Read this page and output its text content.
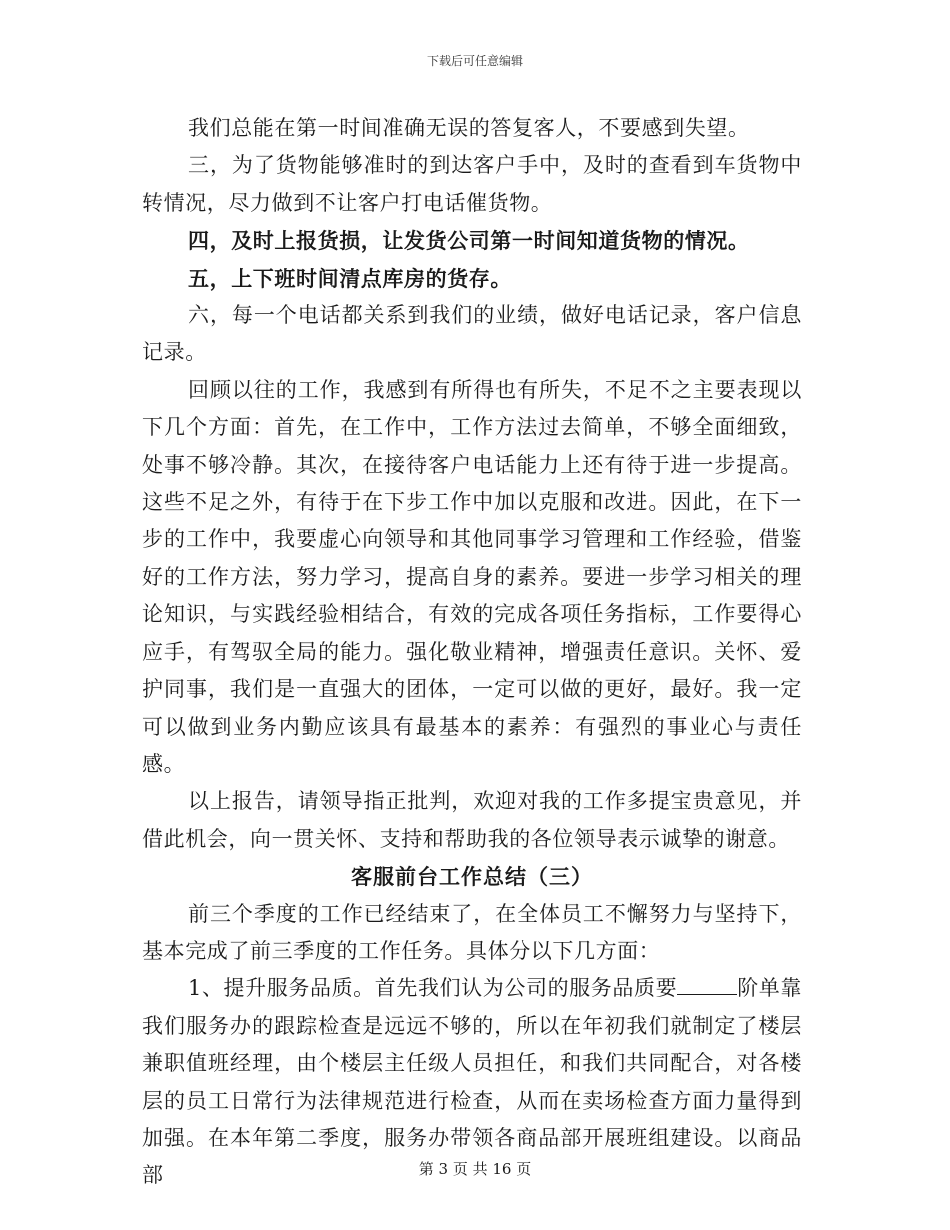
下载后可任意编辑

我们总能在第一时间准确无误的答复客人，不要感到失望。

三，为了货物能够准时的到达客户手中，及时的查看到车货物中转情况，尽力做到不让客户打电话催货物。

四，及时上报货损，让发货公司第一时间知道货物的情况。

五，上下班时间清点库房的货存。

六，每一个电话都关系到我们的业绩，做好电话记录，客户信息记录。

回顾以往的工作，我感到有所得也有所失，不足不之主要表现以下几个方面：首先，在工作中，工作方法过去简单，不够全面细致，处事不够冷静。其次，在接待客户电话能力上还有待于进一步提高。这些不足之外，有待于在下步工作中加以克服和改进。因此，在下一步的工作中，我要虚心向领导和其他同事学习管理和工作经验，借鉴好的工作方法，努力学习，提高自身的素养。要进一步学习相关的理论知识，与实践经验相结合，有效的完成各项任务指标，工作要得心应手，有驾驭全局的能力。强化敬业精神，增强责任意识。关怀、爱护同事，我们是一直强大的团体，一定可以做的更好，最好。我一定可以做到业务内勤应该具有最基本的素养：有强烈的事业心与责任感。

以上报告，请领导指正批判，欢迎对我的工作多提宝贵意见，并借此机会，向一贯关怀、支持和帮助我的各位领导表示诚挚的谢意。

客服前台工作总结（三）

前三个季度的工作已经结束了，在全体员工不懈努力与坚持下，基本完成了前三季度的工作任务。具体分以下几方面：

1、提升服务品质。首先我们认为公司的服务品质要	阶单靠我们服务办的跟踪检查是远远不够的，所以在年初我们就制定了楼层兼职值班经理，由个楼层主任级人员担任，和我们共同配合，对各楼层的员工日常行为法律规范进行检查，从而在卖场检查方面力量得到加强。在本年第二季度，服务办带领各商品部开展班组建设。以商品部	第 3 页 共 16 页
